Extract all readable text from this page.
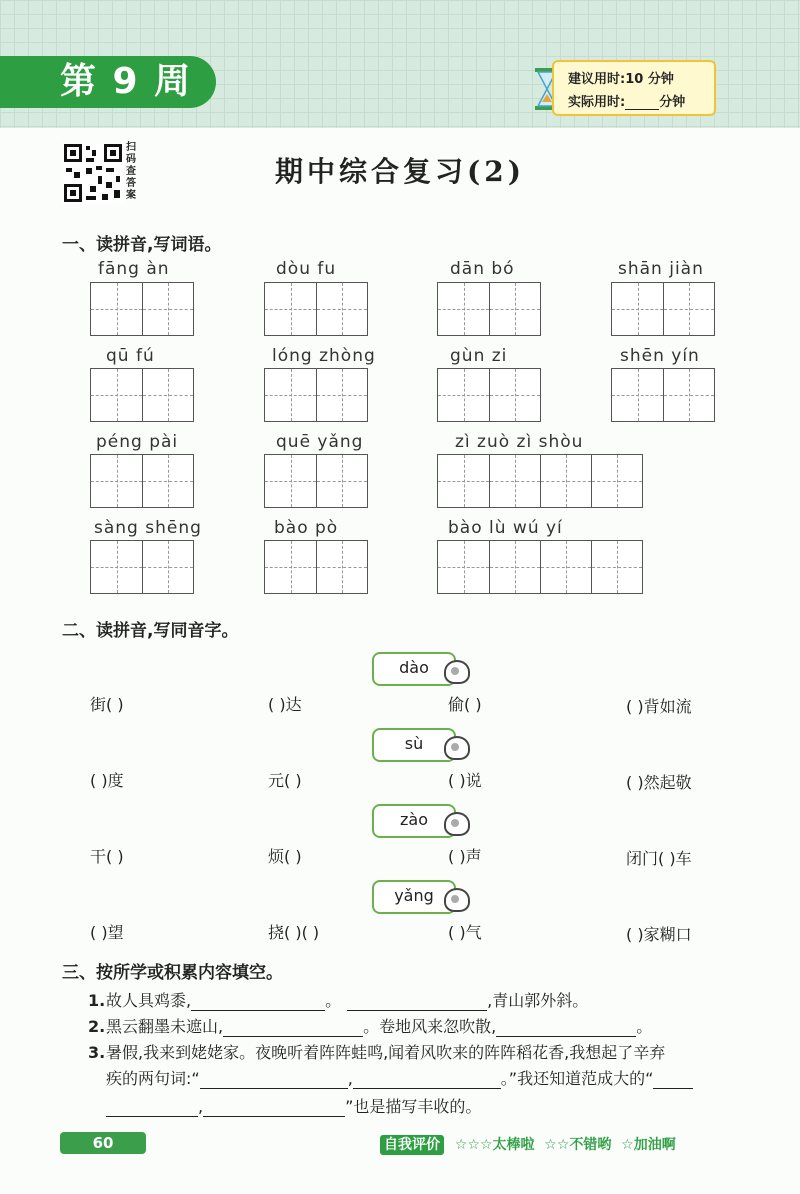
第 9 周	建议用时:10 分钟
实际用时:	分钟
扫码查答案
期中综合复习(2)
一、读拼音,写词语。
fāng àn	dòu fu	dān bó	shān jiàn
qū fú	lóng zhòng	gùn zi	shēn yín
péng pài	quē yǎng	zì zuò zì shòu
sàng shēng	bào pò	bào lù wú yí
二、读拼音,写同音字。
dào
街( )	( )达	偷( )	( )背如流
sù
( )度	元( )	( )说	( )然起敬
zào
干( )	烦( )	( )声	闭门( )车
yǎng
( )望	挠( )( )	( )气	( )家糊口
三、按所学或积累内容填空。
1.故人具鸡黍,	。	,青山郭外斜。
2.黑云翻墨未遮山,	。卷地风来忽吹散,	。
3.暑假,我来到姥姥家。夜晚听着阵阵蛙鸣,闻着风吹来的阵阵稻花香,我想起了辛弃
疾的两句词:“	,	。”我还知道范成大的“
,	”也是描写丰收的。
60	自我评价 ☆☆☆太棒啦 ☆☆不错哟 ☆加油啊
